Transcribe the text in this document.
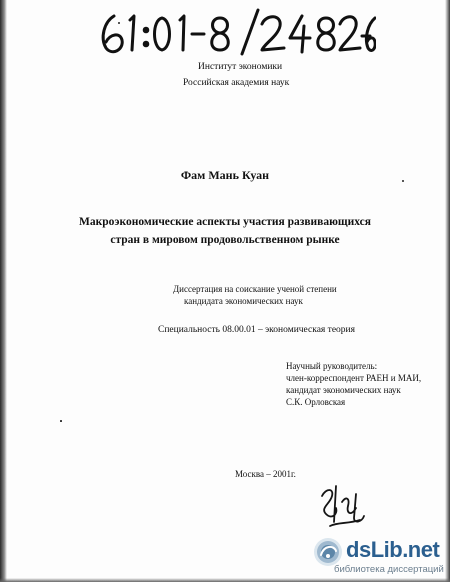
Институт экономики
Российская академия наук
Фам Мань Куан
Макроэкономические аспекты участия развивающихся
стран в мировом продовольственном рынке
Диссертация на соискание ученой степени
кандидата экономических наук
Специальность 08.00.01 – экономическая теория
Научный руководитель:
член-корреспондент РАЕН и МАИ,
кандидат экономических наук
С.К. Орловская
Москва – 2001г.
dsLib.net
библиотека диссертаций
